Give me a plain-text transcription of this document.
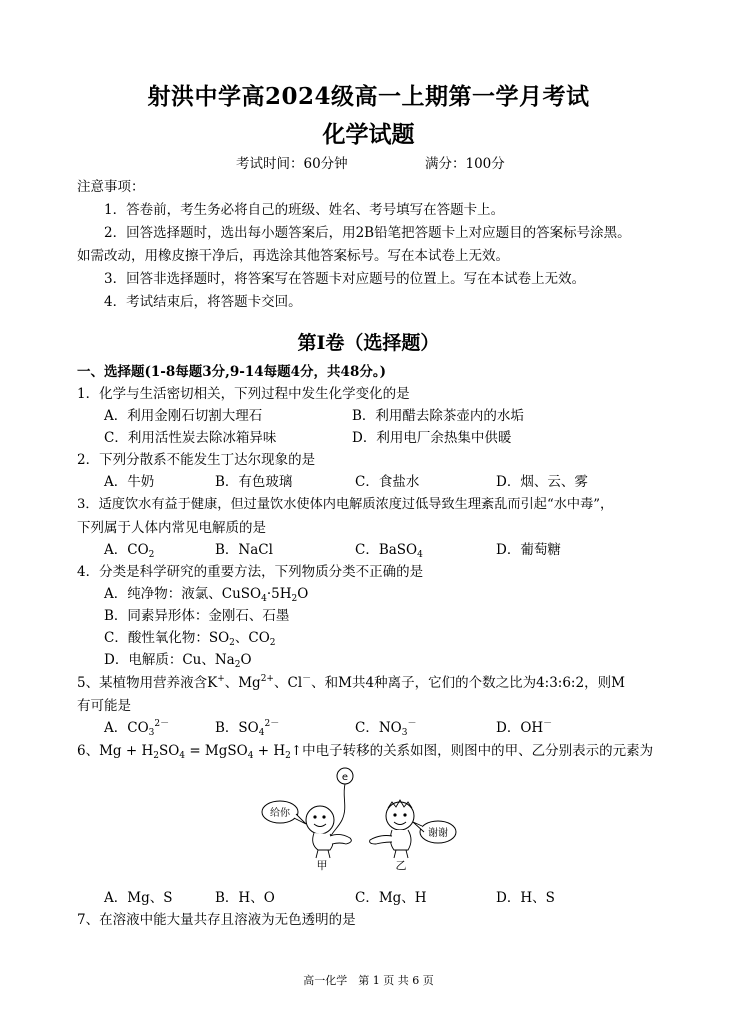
射洪中学高2024级高一上期第一学月考试
化学试题
考试时间：60分钟	满分：100分
注意事项：
1．答卷前，考生务必将自己的班级、姓名、考号填写在答题卡上。
2．回答选择题时，选出每小题答案后，用2B铅笔把答题卡上对应题目的答案标号涂黑。
如需改动，用橡皮擦干净后，再选涂其他答案标号。写在本试卷上无效。
3．回答非选择题时，将答案写在答题卡对应题号的位置上。写在本试卷上无效。
4．考试结束后，将答题卡交回。
第I卷（选择题）
一、选择题(1-8每题3分,9-14每题4分，共48分。)
1．化学与生活密切相关，下列过程中发生化学变化的是
A．利用金刚石切割大理石	B．利用醋去除茶壶内的水垢
C．利用活性炭去除冰箱异味	D．利用电厂余热集中供暖
2．下列分散系不能发生丁达尔现象的是
A．牛奶	B．有色玻璃	C．食盐水	D．烟、云、雾
3．适度饮水有益于健康，但过量饮水使体内电解质浓度过低导致生理紊乱而引起“水中毒”，
下列属于人体内常见电解质的是
A．$CO_2$	B．NaCl	C．BaSO$_4$	D．葡萄糖
4．分类是科学研究的重要方法，下列物质分类不正确的是
A．纯净物：液氯、$CuSO_4\cdot 5H_2O$
B．同素异形体：金刚石、石墨
C．酸性氧化物：$SO_2$、$CO_2$
D．电解质：Cu、$Na_2O$
5、某植物用营养液含K+、$Mg^{2+}$、Cl－、和M共4种离子，它们的个数之比为4:3:6:2，则M
有可能是
A．$CO_3^{2-}$	B．$SO_4^{2-}$	C．$NO_3^-$	D．OH－
6、$Mg + H_2SO_4$ = MgSO$_4$ + $H_2↑$中电子转移的关系如图，则图中的甲、乙分别表示的元素为
e
给你
谢谢
甲	乙
A．Mg、S	B．H、O	C．Mg、H	D．H、S
7、在溶液中能大量共存且溶液为无色透明的是
高一化学　第 1 页 共 6 页
